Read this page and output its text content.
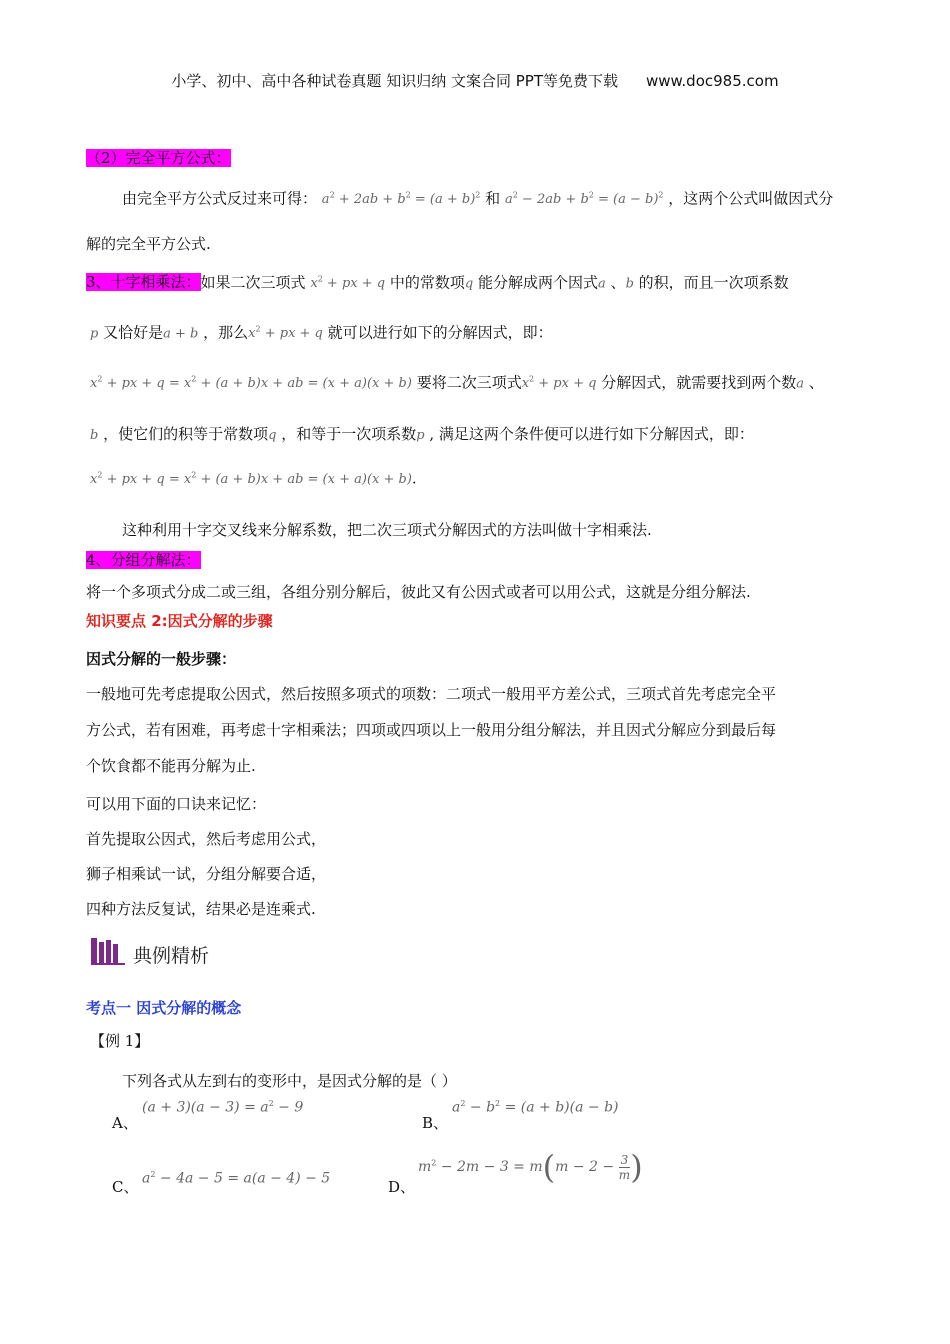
小学、初中、高中各种试卷真题 知识归纳 文案合同 PPT等免费下载 www.doc985.com
（2）完全平方公式：
由完全平方公式反过来可得： $a^2 + 2ab + b^2 = (a + b)^2$ 和 $a^2 - 2ab + b^2 = (a - b)^2$ ，这两个公式叫做因式分
解的完全平方公式.
3、十字相乘法：如果二次三项式 $x^2$ + px + q 中的常数项q 能分解成两个因式a 、b 的积，而且一次项系数
p 又恰好是a + b ，那么$x^2$ + px + q 就可以进行如下的分解因式，即：
$x^2$ + px + $q = x^2 + (a + b)x$ + ab = (x + a)(x + b) 要将二次三项式$x^2$ + px + q 分解因式，就需要找到两个数a 、
b ，使它们的积等于常数项q ，和等于一次项系数p , 满足这两个条件便可以进行如下分解因式，即：
$x^2$ + px + $q = x^2 + (a + b)x$ + ab = (x + a)(x + b).
这种利用十字交叉线来分解系数，把二次三项式分解因式的方法叫做十字相乘法.
4、分组分解法：
将一个多项式分成二或三组，各组分别分解后，彼此又有公因式或者可以用公式，这就是分组分解法.
知识要点 2:因式分解的步骤
因式分解的一般步骤：
一般地可先考虑提取公因式，然后按照多项式的项数：二项式一般用平方差公式，三项式首先考虑完全平
方公式，若有困难，再考虑十字相乘法；四项或四项以上一般用分组分解法，并且因式分解应分到最后每
个饮食都不能再分解为止.
可以用下面的口诀来记忆：
首先提取公因式，然后考虑用公式，
狮子相乘试一试，分组分解要合适，
四种方法反复试，结果必是连乘式.
典例精析
考点一 因式分解的概念
【例 1】
下列各式从左到右的变形中，是因式分解的是（ ）
A、
$(a + 3)(a - 3) = a^2 - 9$
B、
$a^2 - b^2 = (a + b)(a - b)$
C、 $a^2 - 4a - 5 = a(a - 4) - 5$	D、
$m^2 - 2m - 3 = m(m - 2 - \frac{3}{m}$ )
